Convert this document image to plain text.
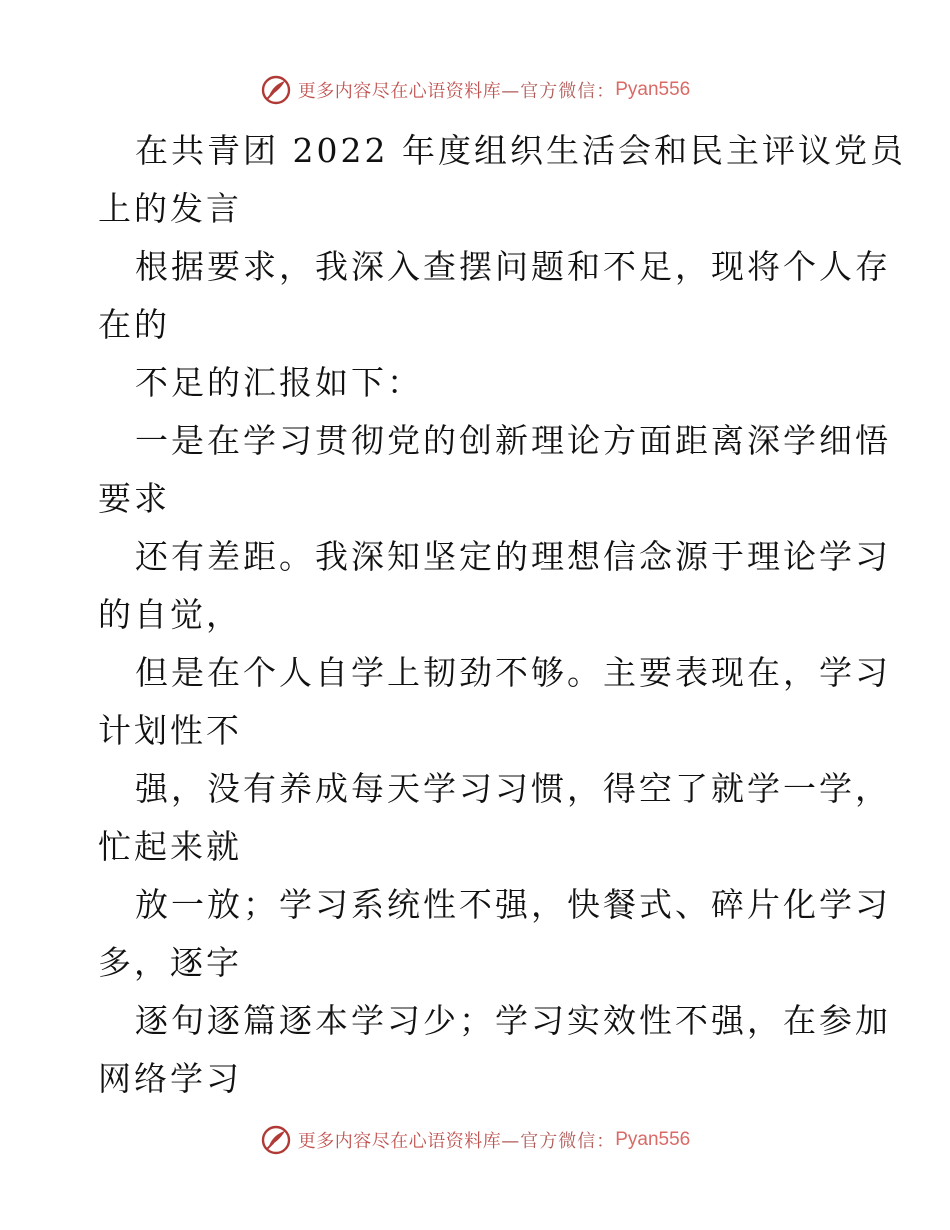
更多内容尽在心语资料库 —官方微信： Pyan556
在共青团 2022 年度组织生活会和民主评议党员
上的发言
根据要求，我深入查摆问题和不足，现将个人存
在的
不足的汇报如下：
一是在学习贯彻党的创新理论方面距离深学细悟
要求
还有差距。我深知坚定的理想信念源于理论学习
的自觉，
但是在个人自学上韧劲不够。主要表现在，学习
计划性不
强，没有养成每天学习习惯，得空了就学一学，
忙起来就
放一放；学习系统性不强，快餐式、碎片化学习
多，逐字
逐句逐篇逐本学习少；学习实效性不强，在参加
网络学习
更多内容尽在心语资料库 —官方微信： Pyan556
